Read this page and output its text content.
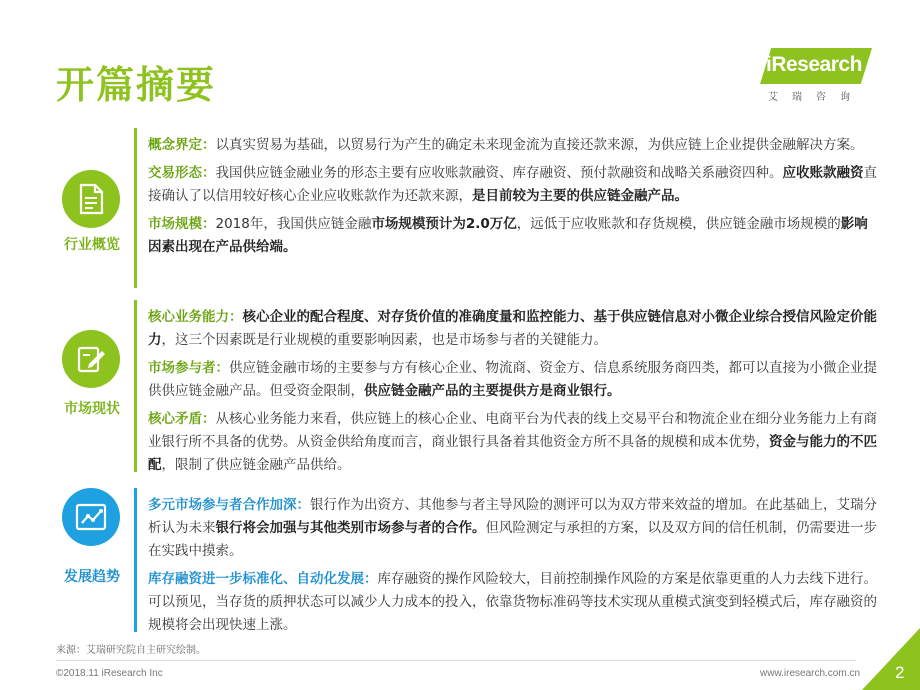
开篇摘要	iResearch
艾瑞咨询
行业概览

概念界定：以真实贸易为基础，以贸易行为产生的确定未来现金流为直接还款来源，为供应链上企业提供金融解决方案。

交易形态：我国供应链金融业务的形态主要有应收账款融资、库存融资、预付款融资和战略关系融资四种。应收账款融资直接确认了以信用较好核心企业应收账款作为还款来源，是目前较为主要的供应链金融产品。

市场规模：2018年，我国供应链金融市场规模预计为2.0万亿，远低于应收账款和存货规模，供应链金融市场规模的影响因素出现在产品供给端。

市场现状

核心业务能力：核心企业的配合程度、对存货价值的准确度量和监控能力、基于供应链信息对小微企业综合授信风险定价能力，这三个因素既是行业规模的重要影响因素，也是市场参与者的关键能力。

市场参与者：供应链金融市场的主要参与方有核心企业、物流商、资金方、信息系统服务商四类，都可以直接为小微企业提供供应链金融产品。但受资金限制，供应链金融产品的主要提供方是商业银行。

核心矛盾：从核心业务能力来看，供应链上的核心企业、电商平台为代表的线上交易平台和物流企业在细分业务能力上有商业银行所不具备的优势。从资金供给角度而言，商业银行具备着其他资金方所不具备的规模和成本优势，资金与能力的不匹配，限制了供应链金融产品供给。

发展趋势

多元市场参与者合作加深：银行作为出资方、其他参与者主导风险的测评可以为双方带来效益的增加。在此基础上，艾瑞分析认为未来银行将会加强与其他类别市场参与者的合作。但风险测定与承担的方案，以及双方间的信任机制，仍需要进一步在实践中摸索。

库存融资进一步标准化、自动化发展：库存融资的操作风险较大，目前控制操作风险的方案是依靠更重的人力去线下进行。可以预见，当存货的质押状态可以减少人力成本的投入，依靠货物标准码等技术实现从重模式演变到轻模式后，库存融资的规模将会出现快速上涨。

来源：艾瑞研究院自主研究绘制。
©2018.11 iResearch Inc	www.iresearch.com.cn 2
